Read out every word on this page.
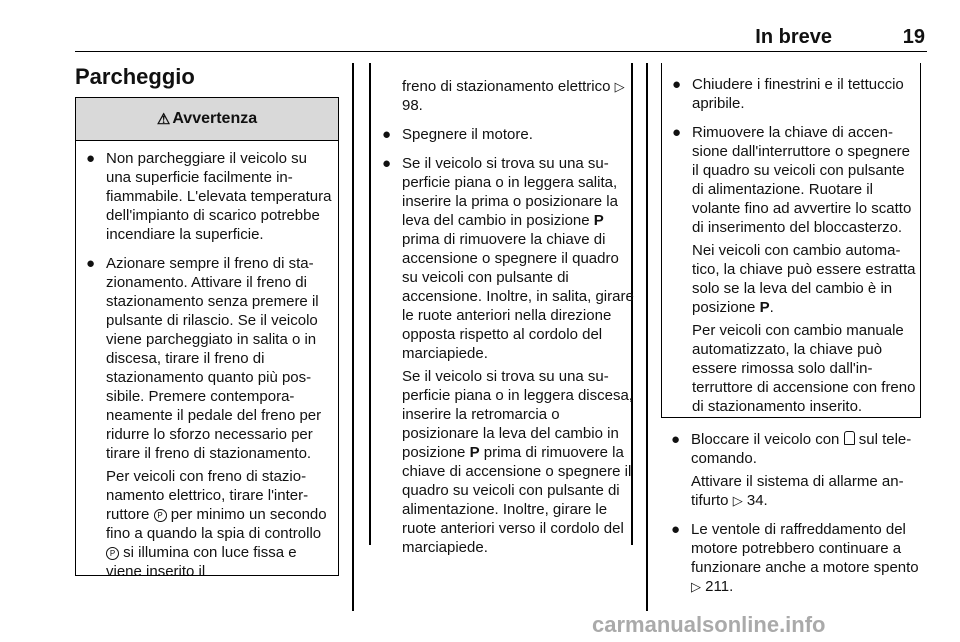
In breve	19
Parcheggio
⚠ Avvertenza
● Non parcheggiare il veicolo su una superficie facilmente infiammabile. L'elevata temperatura dell'impianto di scarico potrebbe incendiare la superficie.
● Azionare sempre il freno di stazionamento. Attivare il freno di stazionamento senza premere il pulsante di rilascio. Se il veicolo viene parcheggiato in salita o in discesa, tirare il freno di stazionamento quanto più possibile. Premere contemporaneamente il pedale del freno per ridurre lo sforzo necessario per tirare il freno di stazionamento.
Per veicoli con freno di stazionamento elettrico, tirare l'interruttore P per minimo un secondo fino a quando la spia di controllo P si illumina con luce fissa e viene inserito il
freno di stazionamento elettrico ▷ 98.
● Spegnere il motore.
● Se il veicolo si trova su una superficie piana o in leggera salita, inserire la prima o posizionare la leva del cambio in posizione P prima di rimuovere la chiave di accensione o spegnere il quadro su veicoli con pulsante di accensione. Inoltre, in salita, girare le ruote anteriori nella direzione opposta rispetto al cordolo del marciapiede.
Se il veicolo si trova su una superficie piana o in leggera discesa, inserire la retromarcia o posizionare la leva del cambio in posizione P prima di rimuovere la chiave di accensione o spegnere il quadro su veicoli con pulsante di alimentazione. Inoltre, girare le ruote anteriori verso il cordolo del marciapiede.
● Chiudere i finestrini e il tettuccio apribile.
● Rimuovere la chiave di accensione dall'interruttore o spegnere il quadro su veicoli con pulsante di alimentazione. Ruotare il volante fino ad avvertire lo scatto di inserimento del bloccasterzo.
Nei veicoli con cambio automatico, la chiave può essere estratta solo se la leva del cambio è in posizione P.
Per veicoli con cambio manuale automatizzato, la chiave può essere rimossa solo dall'interruttore di accensione con freno di stazionamento inserito.
● Bloccare il veicolo con sul telecomando.
Attivare il sistema di allarme antifurto ▷ 34.
● Le ventole di raffreddamento del motore potrebbero continuare a funzionare anche a motore spento ▷ 211.
carmanualsonline.info
